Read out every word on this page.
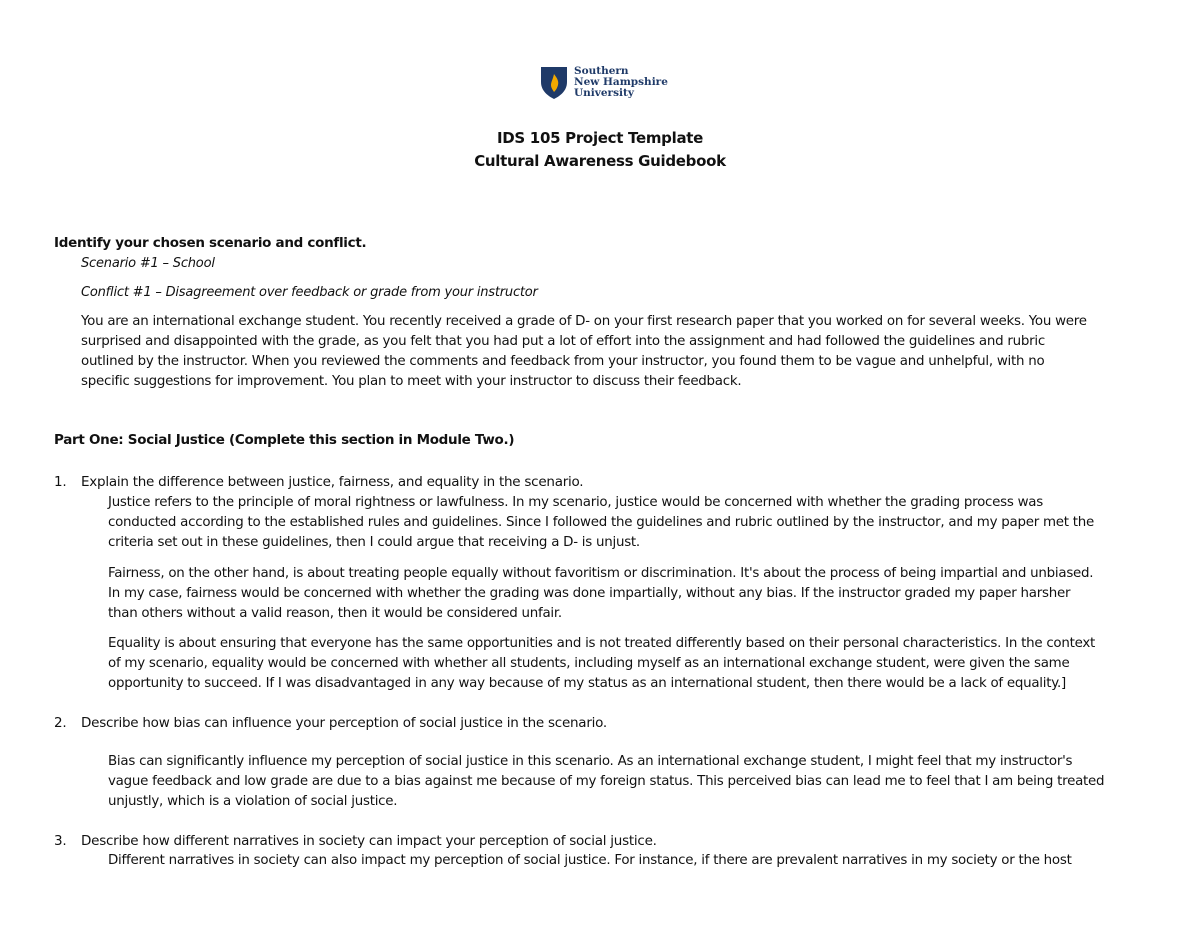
Southern
New Hampshire
University
IDS 105 Project Template
Cultural Awareness Guidebook
Identify your chosen scenario and conflict.
Scenario #1 – School
Conflict #1 – Disagreement over feedback or grade from your instructor
You are an international exchange student. You recently received a grade of D- on your first research paper that you worked on for several weeks. You were
surprised and disappointed with the grade, as you felt that you had put a lot of effort into the assignment and had followed the guidelines and rubric
outlined by the instructor. When you reviewed the comments and feedback from your instructor, you found them to be vague and unhelpful, with no
specific suggestions for improvement. You plan to meet with your instructor to discuss their feedback.
Part One: Social Justice (Complete this section in Module Two.)
1. Explain the difference between justice, fairness, and equality in the scenario.
Justice refers to the principle of moral rightness or lawfulness. In my scenario, justice would be concerned with whether the grading process was
conducted according to the established rules and guidelines. Since I followed the guidelines and rubric outlined by the instructor, and my paper met the
criteria set out in these guidelines, then I could argue that receiving a D- is unjust.
Fairness, on the other hand, is about treating people equally without favoritism or discrimination. It's about the process of being impartial and unbiased.
In my case, fairness would be concerned with whether the grading was done impartially, without any bias. If the instructor graded my paper harsher
than others without a valid reason, then it would be considered unfair.
Equality is about ensuring that everyone has the same opportunities and is not treated differently based on their personal characteristics. In the context
of my scenario, equality would be concerned with whether all students, including myself as an international exchange student, were given the same
opportunity to succeed. If I was disadvantaged in any way because of my status as an international student, then there would be a lack of equality.]
2. Describe how bias can influence your perception of social justice in the scenario.
Bias can significantly influence my perception of social justice in this scenario. As an international exchange student, I might feel that my instructor's
vague feedback and low grade are due to a bias against me because of my foreign status. This perceived bias can lead me to feel that I am being treated
unjustly, which is a violation of social justice.
3. Describe how different narratives in society can impact your perception of social justice.
Different narratives in society can also impact my perception of social justice. For instance, if there are prevalent narratives in my society or the host
